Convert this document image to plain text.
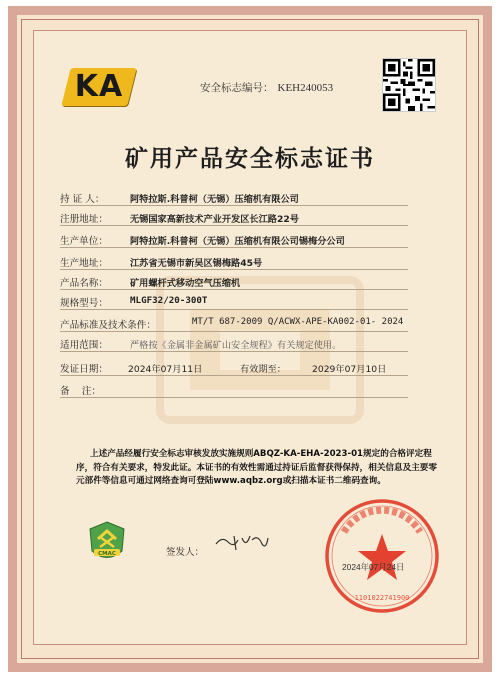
KA	安全标志编号： KEH240053
矿用产品安全标志证书
持 证 人：	阿特拉斯.科普柯（无锡）压缩机有限公司
注册地址： 无锡国家高新技术产业开发区长江路22号
生产单位： 阿特拉斯.科普柯（无锡）压缩机有限公司锡梅分公司
生产地址： 江苏省无锡市新吴区锡梅路45号
产品名称： 矿用螺杆式移动空气压缩机
规格型号： MLGF32/20-300T
产品标准及技术条件：	MT/T 687-2009 Q/ACWX-APE-KA002-01- 2024
适用范围： 严格按《金属非金属矿山安全规程》有关规定使用。
发证日期： 2024年07月11日	有效期至：	2029年07月10日
备    注：
上述产品经履行安全标志审核发放实施规则ABQZ-KA-EHA-2023-01规定的合格评定程序，符合有关要求，特发此证。本证书的有效性需通过持证后监督获得保持，相关信息及主要零元部件等信息可通过网络查询可登陆www.aqbz.org或扫描本证书二维码查询。
CMAC	签发人：
1101022741900
2024年07月24日
